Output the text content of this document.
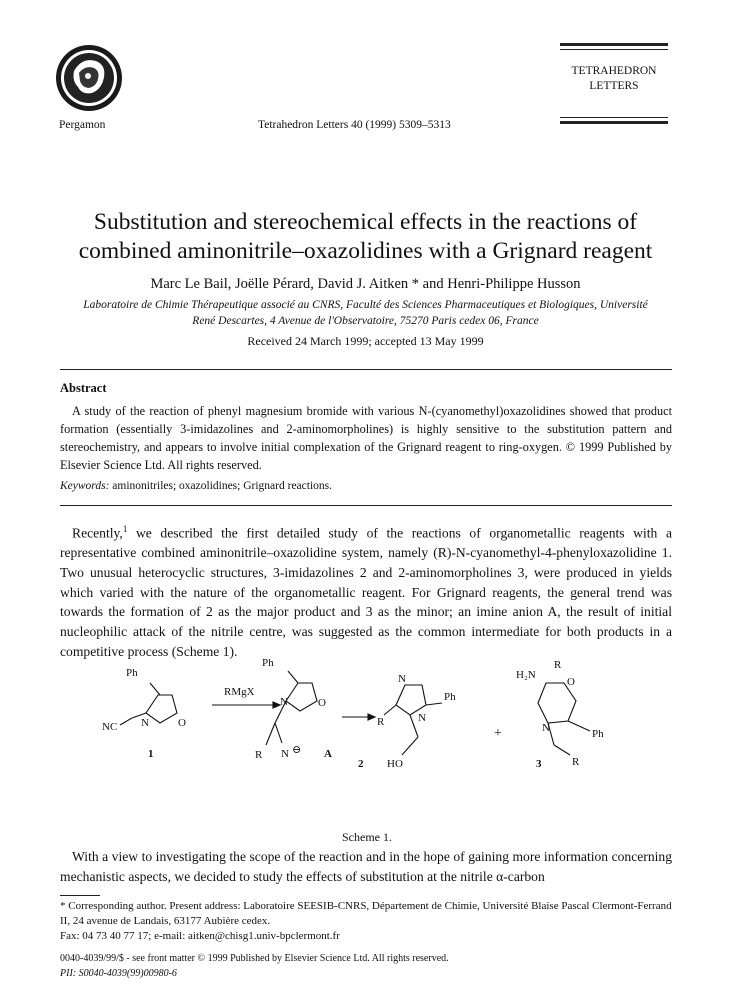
Pergamon	Tetrahedron Letters 40 (1999) 5309–5313
TETRAHEDRON
LETTERS
Substitution and stereochemical effects in the reactions of
combined aminonitrile–oxazolidines with a Grignard reagent
Marc Le Bail, Joëlle Pérard, David J. Aitken * and Henri-Philippe Husson
Laboratoire de Chimie Thérapeutique associé au CNRS, Faculté des Sciences Pharmaceutiques et Biologiques, Université
René Descartes, 4 Avenue de l'Observatoire, 75270 Paris cedex 06, France
Received 24 March 1999; accepted 13 May 1999
Abstract
A study of the reaction of phenyl magnesium bromide with various N-(cyanomethyl)oxazolidines showed that product formation (essentially 3-imidazolines and 2-aminomorpholines) is highly sensitive to the substitution pattern and stereochemistry, and appears to involve initial complexation of the Grignard reagent to ring-oxygen. © 1999 Published by Elsevier Science Ltd. All rights reserved.
Keywords: aminonitriles; oxazolidines; Grignard reactions.

Recently,$^1$ we described the first detailed study of the reactions of organometallic reagents with a representative combined aminonitrile–oxazolidine system, namely (R)-N-cyanomethyl-4-phenyloxazolidine 1. Two unusual heterocyclic structures, 3-imidazolines 2 and 2-aminomorpholines 3, were produced in yields which varied with the nature of the organometallic reagent. For Grignard reagents, the general trend was towards the formation of 2 as the major product and 3 as the minor; an imine anion A, the result of initial nucleophilic attack of the nitrile centre, was suggested as the common intermediate for both products in a competitive process (Scheme 1).

Ph
NC N	O
1
RMgX
Ph
N	O
R N ⊖ A
N
R	N
Ph
HO
2
+
H₂N
R
O
N	Ph
R
3
Scheme 1.

With a view to investigating the scope of the reaction and in the hope of gaining more information concerning mechanistic aspects, we decided to study the effects of substitution at the nitrile α-carbon

* Corresponding author. Present address: Laboratoire SEESIB-CNRS, Département de Chimie, Université Blaise Pascal Clermont-Ferrand II, 24 avenue de Landais, 63177 Aubière cedex.
Fax: 04 73 40 77 17; e-mail: aitken@chisg1.univ-bpclermont.fr
0040-4039/99/$ - see front matter © 1999 Published by Elsevier Science Ltd. All rights reserved.
PII: S0040-4039(99)00980-6
